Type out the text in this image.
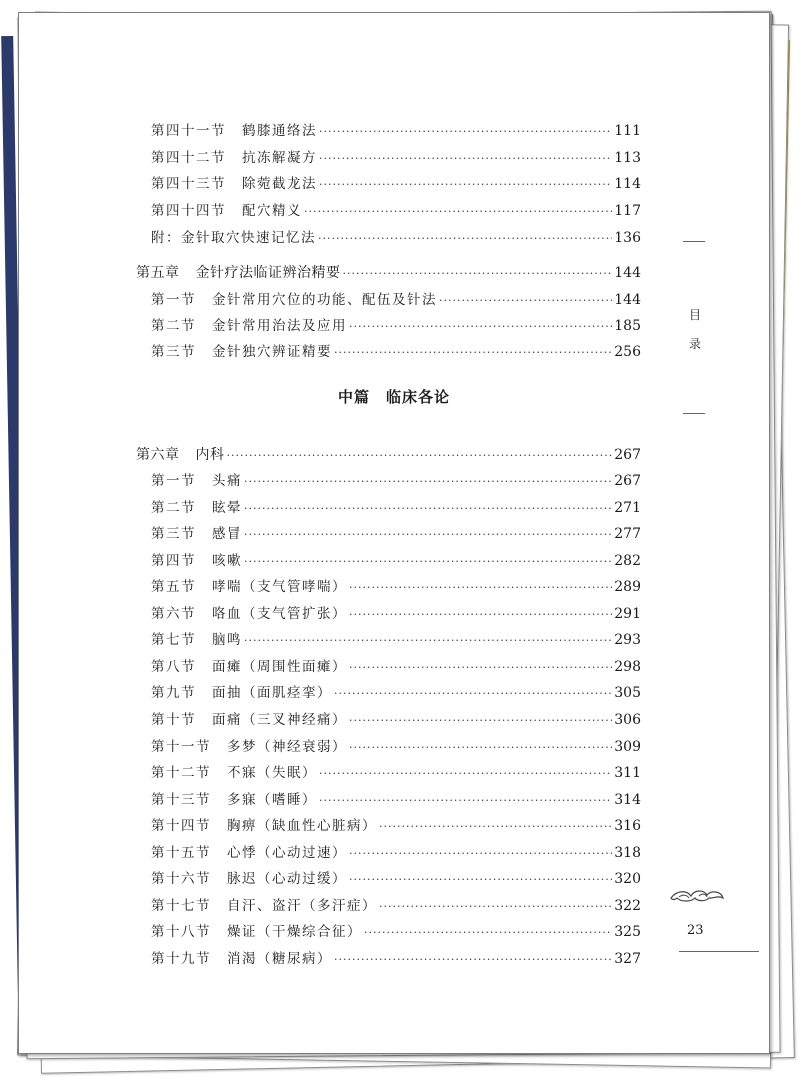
第四十一节 鹤膝通络法 ·····	111
第四十二节 抗冻解凝方 ·····	113
第四十三节 除菀截龙法 ·····	114
第四十四节 配穴精义 ·····	117
附：金针取穴快速记忆法 ·····	136
第五章 金针疗法临证辨治精要 ·····	144
第一节 金针常用穴位的功能、配伍及针法 ·····	144
第二节 金针常用治法及应用 ·····	185
第三节 金针独穴辨证精要 ·····	256
第六章 内科 ·····	267
第一节 头痛 ·····	267
第二节 眩晕 ·····	271
第三节 感冒 ·····	277
第四节 咳嗽 ·····	282
第五节 哮喘（支气管哮喘） ·····	289
第六节 咯血（支气管扩张） ·····	291
第七节 脑鸣 ·····	293
第八节 面瘫（周围性面瘫） ·····	298
第九节 面抽（面肌痉挛） ·····	305
第十节 面痛（三叉神经痛） ·····	306
第十一节 多梦（神经衰弱） ·····	309
第十二节 不寐（失眠） ·····	311
第十三节 多寐（嗜睡） ·····	314
第十四节 胸痹（缺血性心脏病） ·····	316
第十五节 心悸（心动过速） ·····	318
第十六节 脉迟（心动过缓） ·····	320
第十七节 自汗、盗汗（多汗症） ·····	322
第十八节 燥证（干燥综合征） ·····	325
第十九节 消渴（糖尿病） ·····	327
目
录
23
中篇　临床各论
